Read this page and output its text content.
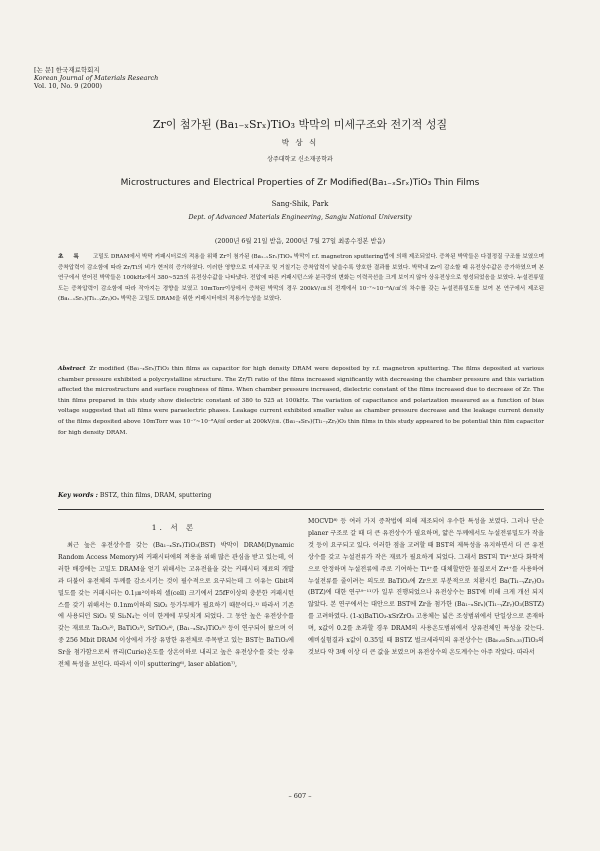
[논 문] 한국재료학회지
Korean Journal of Materials Research
Vol. 10, No. 9 (2000)
Zr이 첨가된 (Ba₁₋ₓSrₓ)TiO₃ 박막의 미세구조와 전기적 성질
박 상 식
상주대학교 신소재공학과
Microstructures and Electrical Properties of Zr Modified(Ba₁₋ₓSrₓ)TiO₃ Thin Films
Sang-Shik, Park
Dept. of Advanced Materials Engineering, Sangju National University
(2000년 6월 21일 받음, 2000년 7월 27일 최종수정본 받음)
초 록 고밀도 DRAM에서 박막 커패시터로의 적용을 위해 Zr이 첨가된 (Ba₁₋ₓSrₓ)TiO₃ 박막이 r.f. magnetron sputtering법에 의해 제조되었다. 증착된 박막들은 다결정질 구조를 보였으며 증착압력이 감소함에 따라 Zr/Ti의 비가 현저히 증가하였다. 이러한 영향으로 미세구조 및 거칠기는 증착압력이 낮을수록 양호한 결과를 보였다. 박막내 Zr이 감소할 때 유전상수값은 증가하였으며 본 연구에서 얻어진 박막들은 100kHz에서 380~525의 유전상수값을 나타냈다. 전압에 따른 커패시턴스와 분극량의 변화는 이력곡선을 크게 보이지 않아 상유전상으로 형성되었음을 보였다. 누설전류밀도는 증착압력이 감소함에 따라 작아지는 경향을 보였고 10mTorr이상에서 증착된 박막의 경우 200kV/㎝의 전계에서 10⁻⁷~10⁻⁸A/㎠의 차수를 갖는 누설전류밀도를 보여 본 연구에서 제조된 (Ba₁₋ₓSrₓ)(Ti₁₋ᵧZrᵧ)O₃ 박막은 고밀도 DRAM을 위한 커패시터에의 적용가능성을 보였다.
Abstract Zr modified (Ba₁₋ₓSrₓ)TiO₃ thin films as capacitor for high density DRAM were deposited by r.f. magnetron sputtering. The films deposited at various chamber pressure exhibited a polycrystalline structure. The Zr/Ti ratio of the films increased significantly with decreasing the chamber pressure and this variation affected the microstructure and surface roughness of films. When chamber pressure increased, dielectric constant of the films increased due to decrease of Zr. The thin films prepared in this study show dielectric constant of 380 to 525 at 100kHz. The variation of capacitance and polarization measured as a function of bias voltage suggested that all films were paraelectric phases. Leakage current exhibited smaller value as chamber pressure decrease and the leakage current density of the films deposited above 10mTorr was 10⁻⁷~10⁻⁸A/㎠ order at 200kV/㎝. (Ba₁₋ₓSrₓ)(Ti₁₋ᵧZrᵧ)O₃ thin films in this study appeared to be potential thin film capacitor for high density DRAM.
Key words : BSTZ, thin films, DRAM, sputtering
1. 서 론

최근 높은 유전상수를 갖는 (Ba₁₋ₓSrₓ)TiO₃(BST) 박막이 DRAM(Dynamic Random Access Memory)의 커패시터에의 적용을 위해 많은 관심을 받고 있는데, 이러한 배경에는 고밀도 DRAM을 얻기 위해서는 고유전율을 갖는 커패시터 재료의 개발과 더불어 유전체의 두께를 감소시키는 것이 필수적으로 요구되는데 그 이유는 Gbit의 밀도를 갖는 커패시터는 0.1㎛²이하의 셀(cell) 크기에서 25fF이상의 충분한 커패시턴스를 갖기 위해서는 0.1nm이하의 SiO₂ 등가두께가 필요하기 때문이다.¹⁾ 따라서 기존에 사용되던 SiO₂ 및 Si₃N₄는 이미 한계에 부딪치게 되었다. 그 동안 높은 유전상수를 갖는 재료로 Ta₂O₅²⁾, BaTiO₃³⁾, SrTiO₃⁴⁾, (Ba₁₋ₓSrₓ)TiO₃⁵⁾ 등이 연구되어 왔으며 이중 256 Mbit DRAM 이상에서 가장 유망한 유전체로 주목받고 있는 BST는 BaTiO₃에 Sr을 첨가함으로써 큐리(Curie)온도를 상온이하로 내리고 높은 유전상수를 갖는 상유전체 특성을 보인다. 따라서 이미 sputtering⁶⁾, laser ablation⁷⁾,

MOCVD⁸⁾ 등 여러 가지 증착법에 의해 제조되어 우수한 특성을 보였다. 그러나 단순 planer 구조로 갈 때 더 큰 유전상수가 필요하며, 얇은 두께에서도 누설전류밀도가 작을 것 등이 요구되고 있다. 이러한 점을 고려할 때 BST의 제특성을 유지하면서 더 큰 유전상수를 갖고 누설전류가 작은 재료가 필요하게 되었다. 그래서 BST의 Ti⁴⁺보다 화학적으로 안정하며 누설전류에 주로 기여하는 Ti⁴⁺를 대체할만한 물질로서 Zr⁴⁺를 사용하여 누설전류를 줄이려는 의도로 BaTiO₃에 Zr으로 부분적으로 치환시킨 Ba(Ti₁₋ᵧZrᵧ)O₃ (BTZ)에 대한 연구⁹⁻¹¹⁾가 일부 진행되었으나 유전상수는 BST에 비해 크게 개선 되지 않았다. 본 연구에서는 대안으로 BST에 Zr을 첨가한 (Ba₁₋ₓSrₓ)(Ti₁₋ᵧZrᵧ)O₃(BSTZ)를 고려하였다. (1-x)BaTiO₃-xSrZrO₃ 고용체는 넓은 조성범위에서 단일상으로 존재하며, x값이 0.2를 초과할 경우 DRAM의 사용온도범위에서 상유전체인 특성을 갖는다. 예비실험결과 x값이 0.35일 때 BSTZ 벌크세라믹의 유전상수는 (Ba₀.₆₅Sr₀.₃₅)TiO₃의 것보다 약 3배 이상 더 큰 값을 보였으며 유전상수의 온도계수는 아주 작았다. 따라서

– 607 –
